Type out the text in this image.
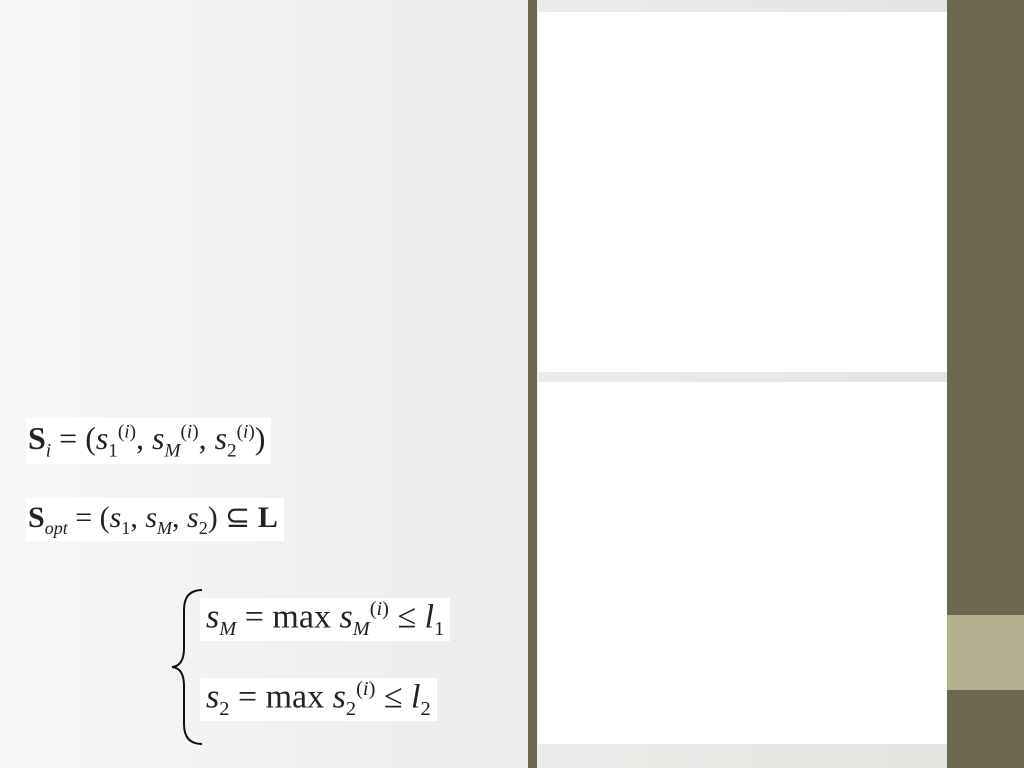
$S_i = (s_1^{(i)}$, $s_M^{(i)}$, $s_2^{(i)}$)
$S_{opt} = (s_1$, $s_M$, $s_2$) ⊆ L
$s_M = \max s_M^{(i)} \le l_1$
$s_2 = \max s_2^{(i)} \le l_2$
